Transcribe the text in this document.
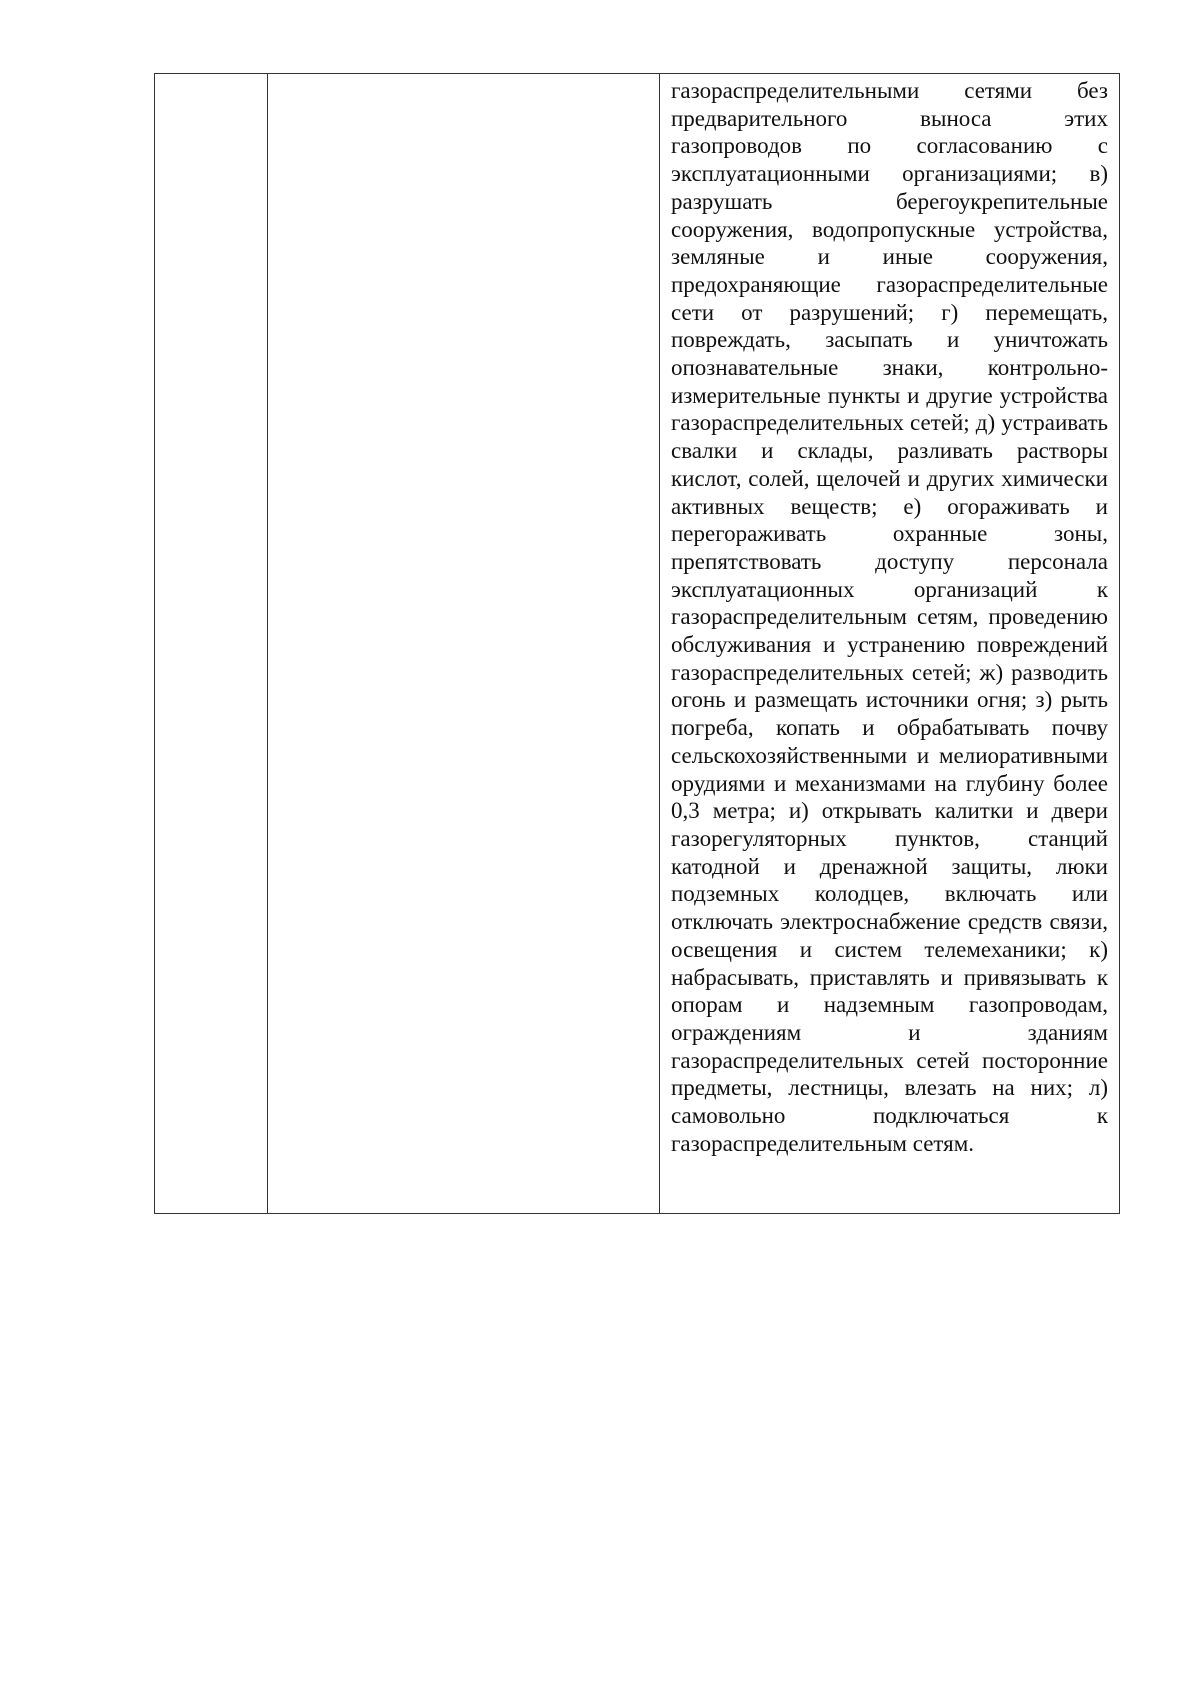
газораспределительными сетями без предварительного выноса этих газопроводов по согласованию с эксплуатационными организациями; в) разрушать берегоукрепительные сооружения, водопропускные устройства, земляные и иные сооружения, предохраняющие газораспределительные сети от разрушений; г) перемещать, повреждать, засыпать и уничтожать опознавательные знаки, контрольно-измерительные пункты и другие устройства газораспределительных сетей; д) устраивать свалки и склады, разливать растворы кислот, солей, щелочей и других химически активных веществ; е) огораживать и перегораживать охранные зоны, препятствовать доступу персонала эксплуатационных организаций к газораспределительным сетям, проведению обслуживания и устранению повреждений газораспределительных сетей; ж) разводить огонь и размещать источники огня; з) рыть погреба, копать и обрабатывать почву сельскохозяйственными и мелиоративными орудиями и механизмами на глубину более 0,3 метра; и) открывать калитки и двери газорегуляторных пунктов, станций катодной и дренажной защиты, люки подземных колодцев, включать или отключать электроснабжение средств связи, освещения и систем телемеханики; к) набрасывать, приставлять и привязывать к опорам и надземным газопроводам, ограждениям и зданиям газораспределительных сетей посторонние предметы, лестницы, влезать на них; л) самовольно подключаться к газораспределительным сетям.
